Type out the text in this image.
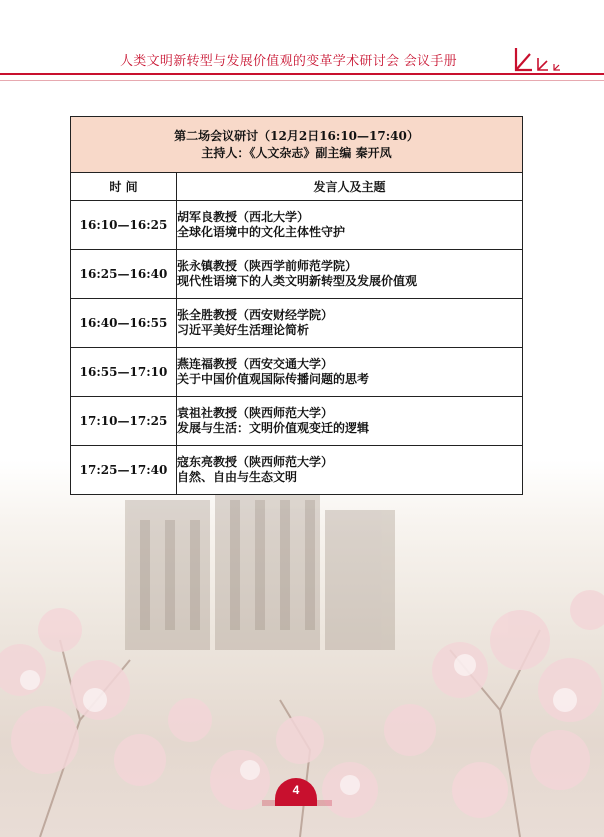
人类文明新转型与发展价值观的变革学术研讨会 会议手册
第二场会议研讨（12月2日16:10—17:40）
主持人：《人文杂志》副主编 秦开凤	

时 间	发言人及主题
16:10—16:25	胡军良教授（西北大学）
全球化语境中的文化主体性守护

16:25—16:40	张永镇教授（陕西学前师范学院）
现代性语境下的人类文明新转型及发展价值观

16:40—16:55	张全胜教授（西安财经学院）
习近平美好生活理论简析

16:55—17:10	燕连福教授（西安交通大学）
关于中国价值观国际传播问题的思考

17:10—17:25	袁祖社教授（陕西师范大学）
发展与生活：文明价值观变迁的逻辑

17:25—17:40	寇东亮教授（陕西师范大学）
自然、自由与生态文明
4
